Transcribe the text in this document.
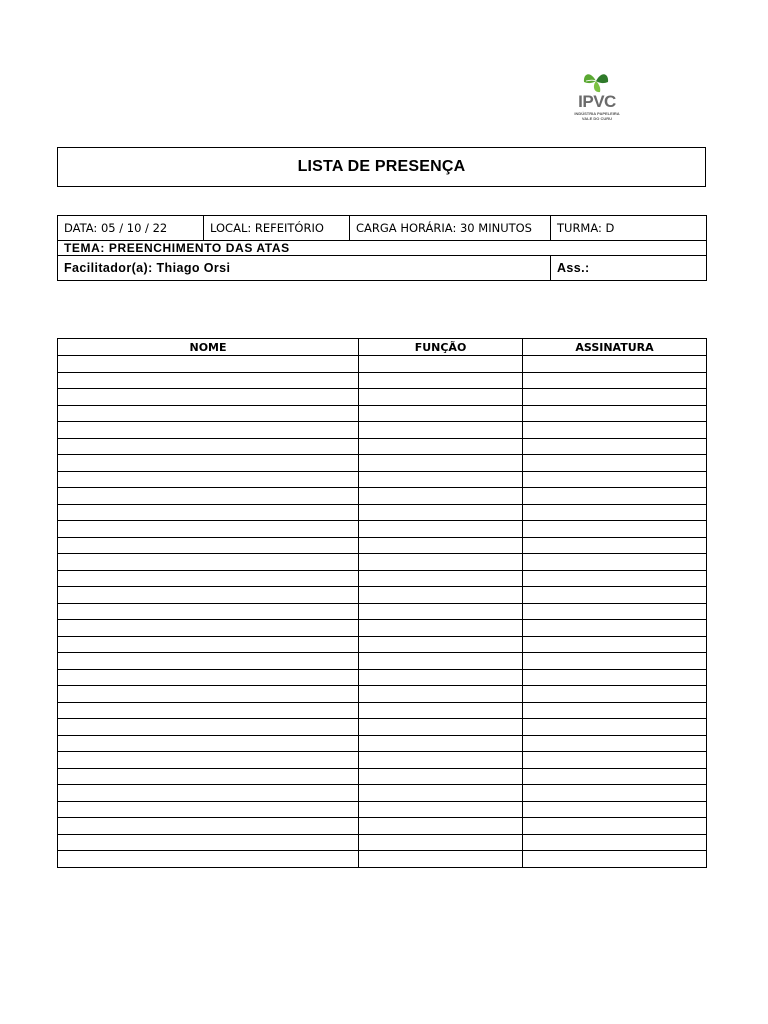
IPVC
INDÚSTRIA PAPELEIRA
VALE DO CURU
LISTA DE PRESENÇA
DATA: 05 / 10 / 22	LOCAL: REFEITÓRIO	CARGA HORÁRIA: 30 MINUTOS	TURMA: D
TEMA: PREENCHIMENTO DAS ATAS			
Facilitador(a): Thiago Orsi			Ass.:
NOME	FUNÇÃO	ASSINATURA
